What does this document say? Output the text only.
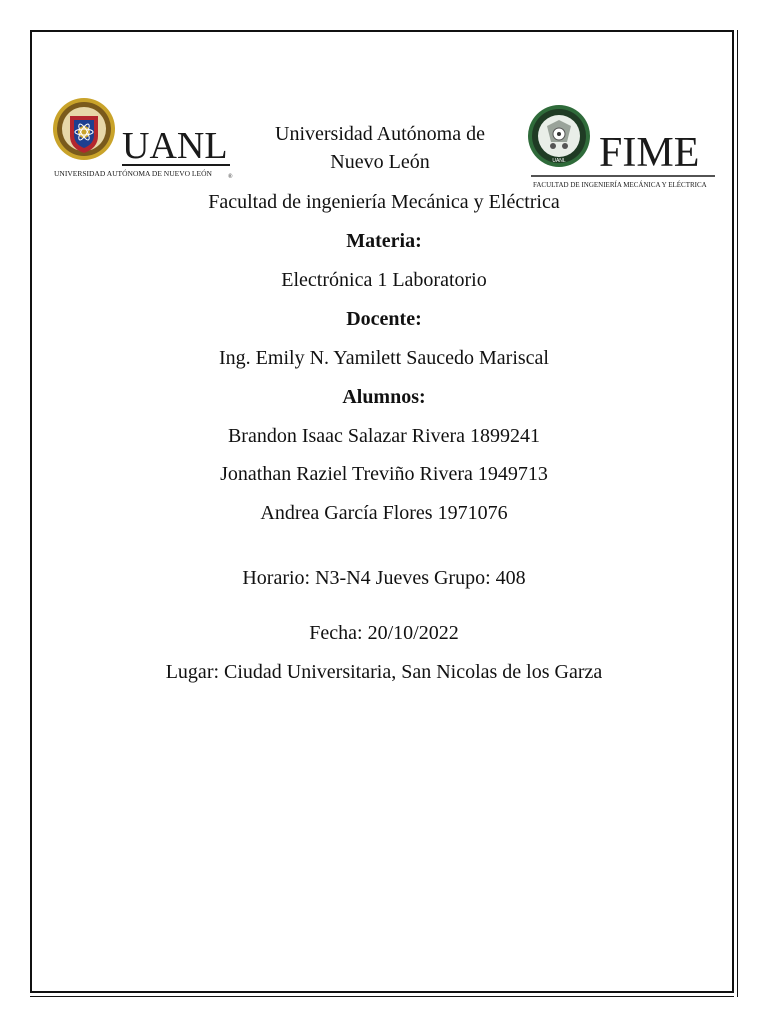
UANL
UNIVERSIDAD AUTÓNOMA DE NUEVO LEÓN	®
Universidad Autónoma de
Nuevo León	UANL FIME
FACULTAD DE INGENIERÍA MECÁNICA Y ELÉCTRICA
Facultad de ingeniería Mecánica y Eléctrica
Materia:
Electrónica 1 Laboratorio
Docente:
Ing. Emily N. Yamilett Saucedo Mariscal
Alumnos:
Brandon Isaac Salazar Rivera 1899241
Jonathan Raziel Treviño Rivera 1949713
Andrea García Flores 1971076
Horario: N3-N4 Jueves Grupo: 408
Fecha: 20/10/2022
Lugar: Ciudad Universitaria, San Nicolas de los Garza
